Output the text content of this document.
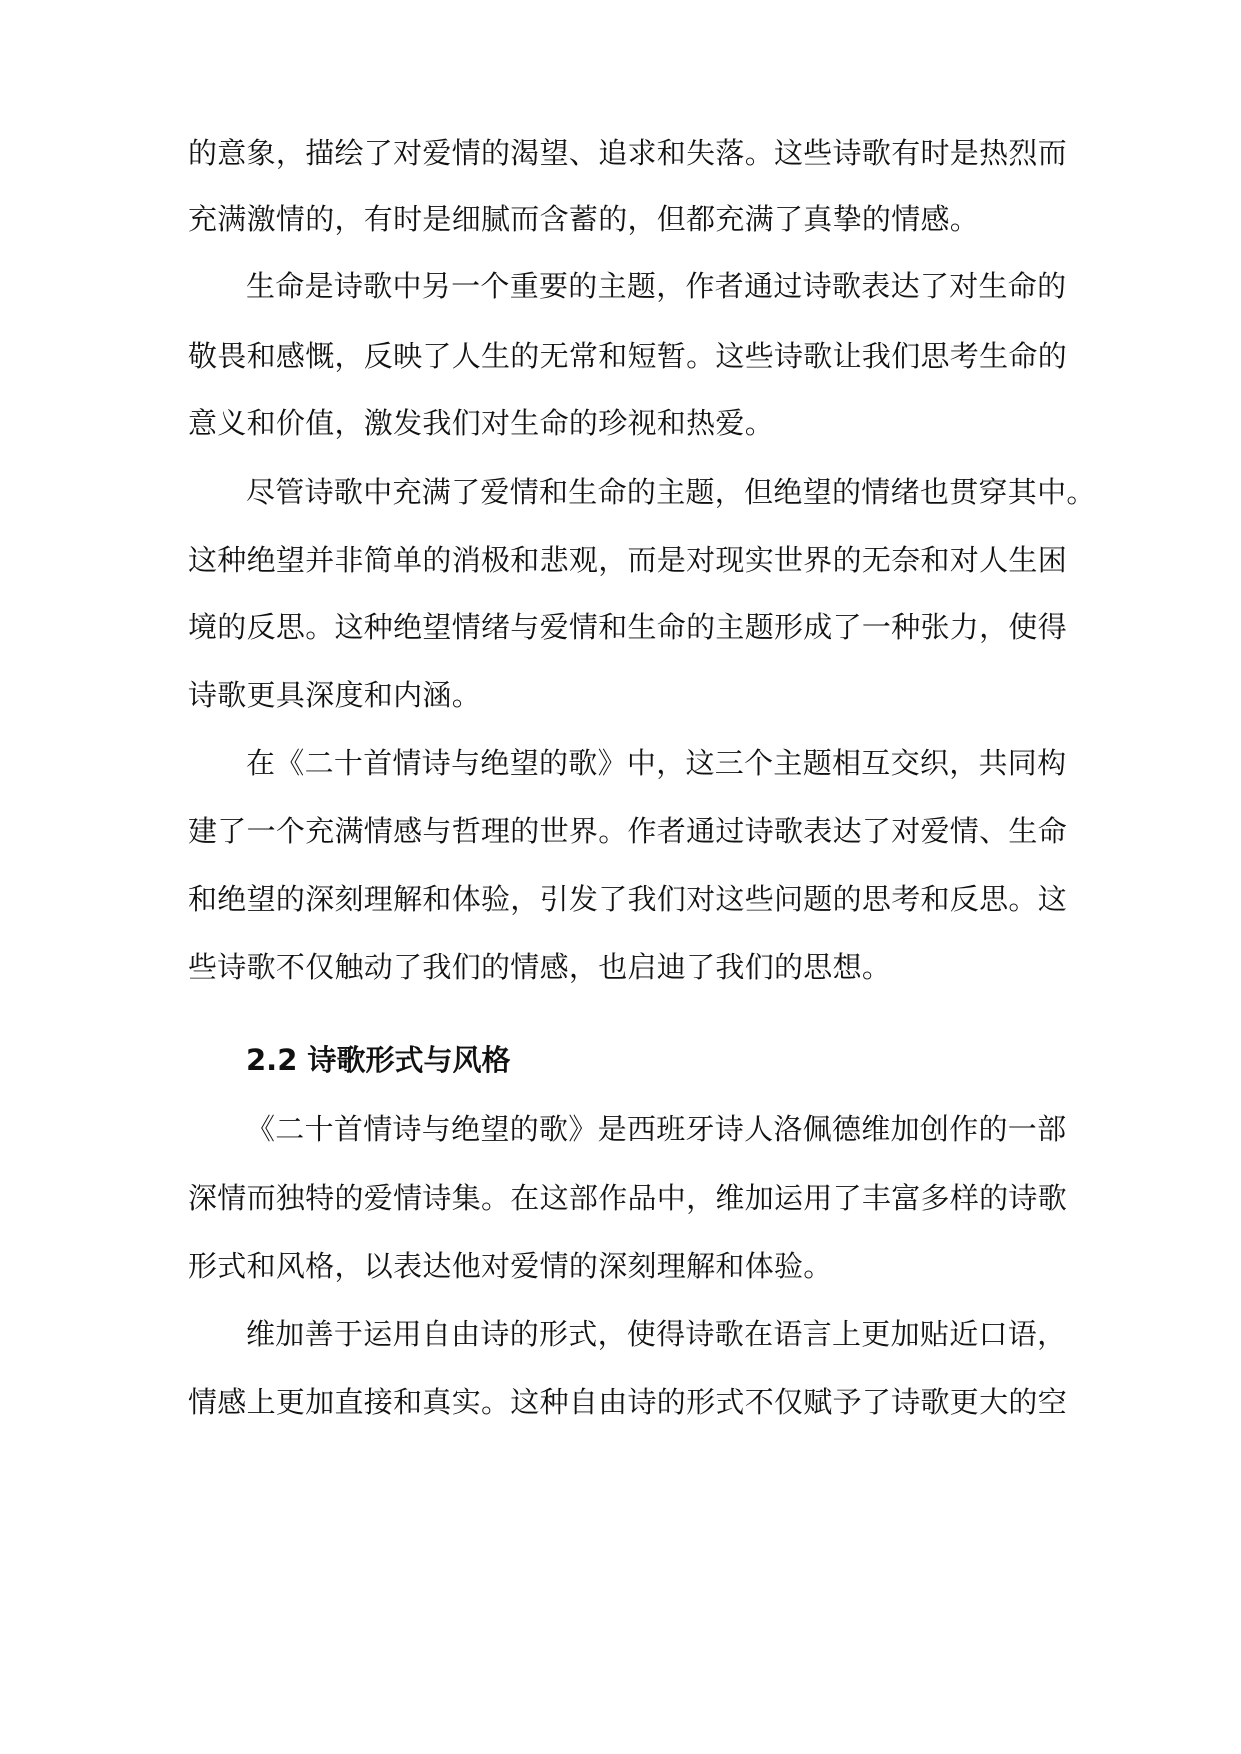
的意象，描绘了对爱情的渴望、追求和失落。这些诗歌有时是热烈而
充满激情的，有时是细腻而含蓄的，但都充满了真挚的情感。
生命是诗歌中另一个重要的主题，作者通过诗歌表达了对生命的
敬畏和感慨，反映了人生的无常和短暂。这些诗歌让我们思考生命的
意义和价值，激发我们对生命的珍视和热爱。
尽管诗歌中充满了爱情和生命的主题，但绝望的情绪也贯穿其中。
这种绝望并非简单的消极和悲观，而是对现实世界的无奈和对人生困
境的反思。这种绝望情绪与爱情和生命的主题形成了一种张力，使得
诗歌更具深度和内涵。
在《二十首情诗与绝望的歌》中，这三个主题相互交织，共同构
建了一个充满情感与哲理的世界。作者通过诗歌表达了对爱情、生命
和绝望的深刻理解和体验，引发了我们对这些问题的思考和反思。这
些诗歌不仅触动了我们的情感，也启迪了我们的思想。
2.2 诗歌形式与风格
《二十首情诗与绝望的歌》是西班牙诗人洛佩德维加创作的一部
深情而独特的爱情诗集。在这部作品中，维加运用了丰富多样的诗歌
形式和风格，以表达他对爱情的深刻理解和体验。
维加善于运用自由诗的形式，使得诗歌在语言上更加贴近口语，
情感上更加直接和真实。这种自由诗的形式不仅赋予了诗歌更大的空
